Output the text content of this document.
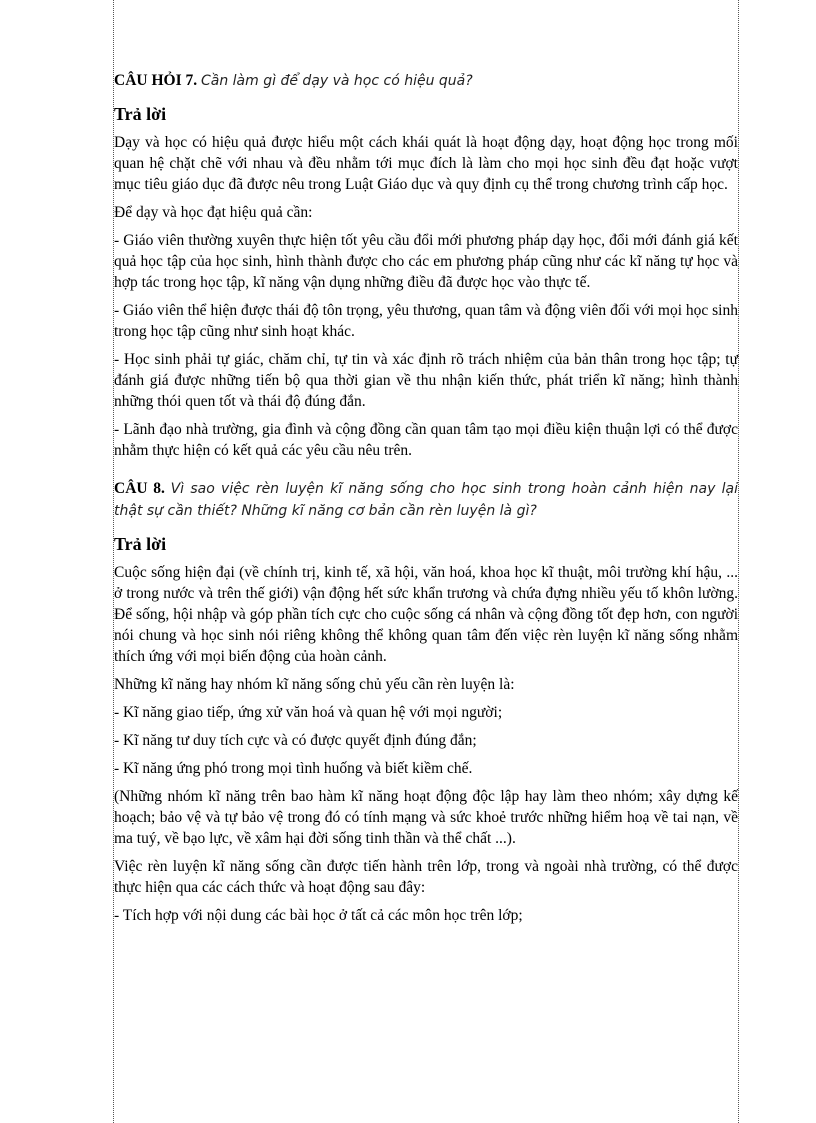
CÂU HỎI 7. Cần làm gì để dạy và học có hiệu quả?
Trả lời

Dạy và học có hiệu quả được hiểu một cách khái quát là hoạt động dạy, hoạt động học trong mối quan hệ chặt chẽ với nhau và đều nhằm tới mục đích là làm cho mọi học sinh đều đạt hoặc vượt mục tiêu giáo dục đã được nêu trong Luật Giáo dục và quy định cụ thể trong chương trình cấp học.

Để dạy và học đạt hiệu quả cần:

- Giáo viên thường xuyên thực hiện tốt yêu cầu đổi mới phương pháp dạy học, đổi mới đánh giá kết quả học tập của học sinh, hình thành được cho các em phương pháp cũng như các kĩ năng tự học và hợp tác trong học tập, kĩ năng vận dụng những điều đã được học vào thực tế.

- Giáo viên thể hiện được thái độ tôn trọng, yêu thương, quan tâm và động viên đối với mọi học sinh trong học tập cũng như sinh hoạt khác.

- Học sinh phải tự giác, chăm chỉ, tự tin và xác định rõ trách nhiệm của bản thân trong học tập; tự đánh giá được những tiến bộ qua thời gian về thu nhận kiến thức, phát triển kĩ năng; hình thành những thói quen tốt và thái độ đúng đắn.

- Lãnh đạo nhà trường, gia đình và cộng đồng cần quan tâm tạo mọi điều kiện thuận lợi có thể được nhằm thực hiện có kết quả các yêu cầu nêu trên.

CÂU 8. Vì sao việc rèn luyện kĩ năng sống cho học sinh trong hoàn cảnh hiện nay lại thật sự cần thiết? Những kĩ năng cơ bản cần rèn luyện là gì?
Trả lời

Cuộc sống hiện đại (về chính trị, kinh tế, xã hội, văn hoá, khoa học kĩ thuật, môi trường khí hậu, ... ở trong nước và trên thế giới) vận động hết sức khẩn trương và chứa đựng nhiều yếu tố khôn lường. Để sống, hội nhập và góp phần tích cực cho cuộc sống cá nhân và cộng đồng tốt đẹp hơn, con người nói chung và học sinh nói riêng không thể không quan tâm đến việc rèn luyện kĩ năng sống nhằm thích ứng với mọi biến động của hoàn cảnh.

Những kĩ năng hay nhóm kĩ năng sống chủ yếu cần rèn luyện là:

- Kĩ năng giao tiếp, ứng xử văn hoá và quan hệ với mọi người;

- Kĩ năng tư duy tích cực và có được quyết định đúng đắn;

- Kĩ năng ứng phó trong mọi tình huống và biết kiềm chế.

(Những nhóm kĩ năng trên bao hàm kĩ năng hoạt động độc lập hay làm theo nhóm; xây dựng kế hoạch; bảo vệ và tự bảo vệ trong đó có tính mạng và sức khoẻ trước những hiểm hoạ về tai nạn, về ma tuý, về bạo lực, về xâm hại đời sống tinh thần và thể chất ...).

Việc rèn luyện kĩ năng sống cần được tiến hành trên lớp, trong và ngoài nhà trường, có thể được thực hiện qua các cách thức và hoạt động sau đây:

- Tích hợp với nội dung các bài học ở tất cả các môn học trên lớp;
